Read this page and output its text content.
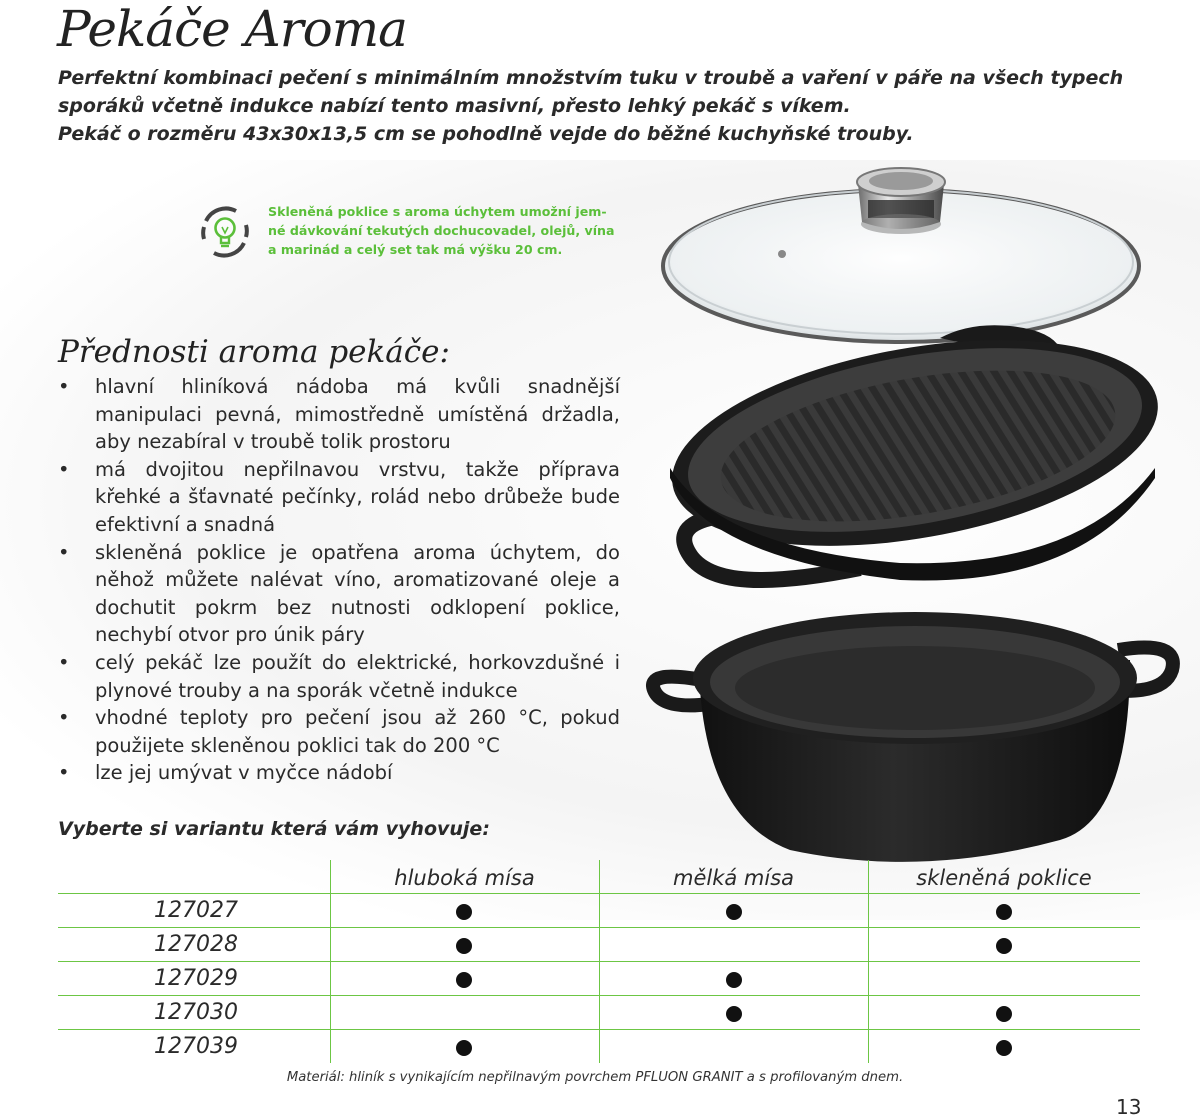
Pekáče Aroma
Perfektní kombinaci pečení s minimálním množstvím tuku v troubě a vaření v páře na všech typech
sporáků včetně indukce nabízí tento masivní, přesto lehký pekáč s víkem.
Pekáč o rozměru 43x30x13,5 cm se pohodlně vejde do běžné kuchyňské trouby.
Skleněná poklice s aroma úchytem umožní jem-
né dávkování tekutých dochucovadel, olejů, vína
a marinád a celý set tak má výšku 20 cm.
Přednosti aroma pekáče:
• hlavní hliníková nádoba má kvůli snadnější manipulaci pevná, mimostředně umístěná držadla, aby nezabíral v troubě tolik prostoru
• má dvojitou nepřilnavou vrstvu, takže příprava křehké a šťavnaté pečínky, rolád nebo drůbeže bude efektivní a snadná
• skleněná poklice je opatřena aroma úchytem, do něhož můžete nalévat víno, aromatizované oleje a dochutit pokrm bez nutnosti odklopení poklice, nechybí otvor pro únik páry
• celý pekáč lze použít do elektrické, horkovzdušné i plynové trouby a na sporák včetně indukce
• vhodné teploty pro pečení jsou až 260 °C, pokud použijete skleněnou poklici tak do 200 °C
• lze jej umývat v myčce nádobí
Vyberte si variantu která vám vyhovuje:
hluboká mísa	mělká mísa	skleněná poklice
127027
127028
127029
127030
127039
Materiál: hliník s vynikajícím nepřilnavým povrchem PFLUON GRANIT a s profilovaným dnem.
13
